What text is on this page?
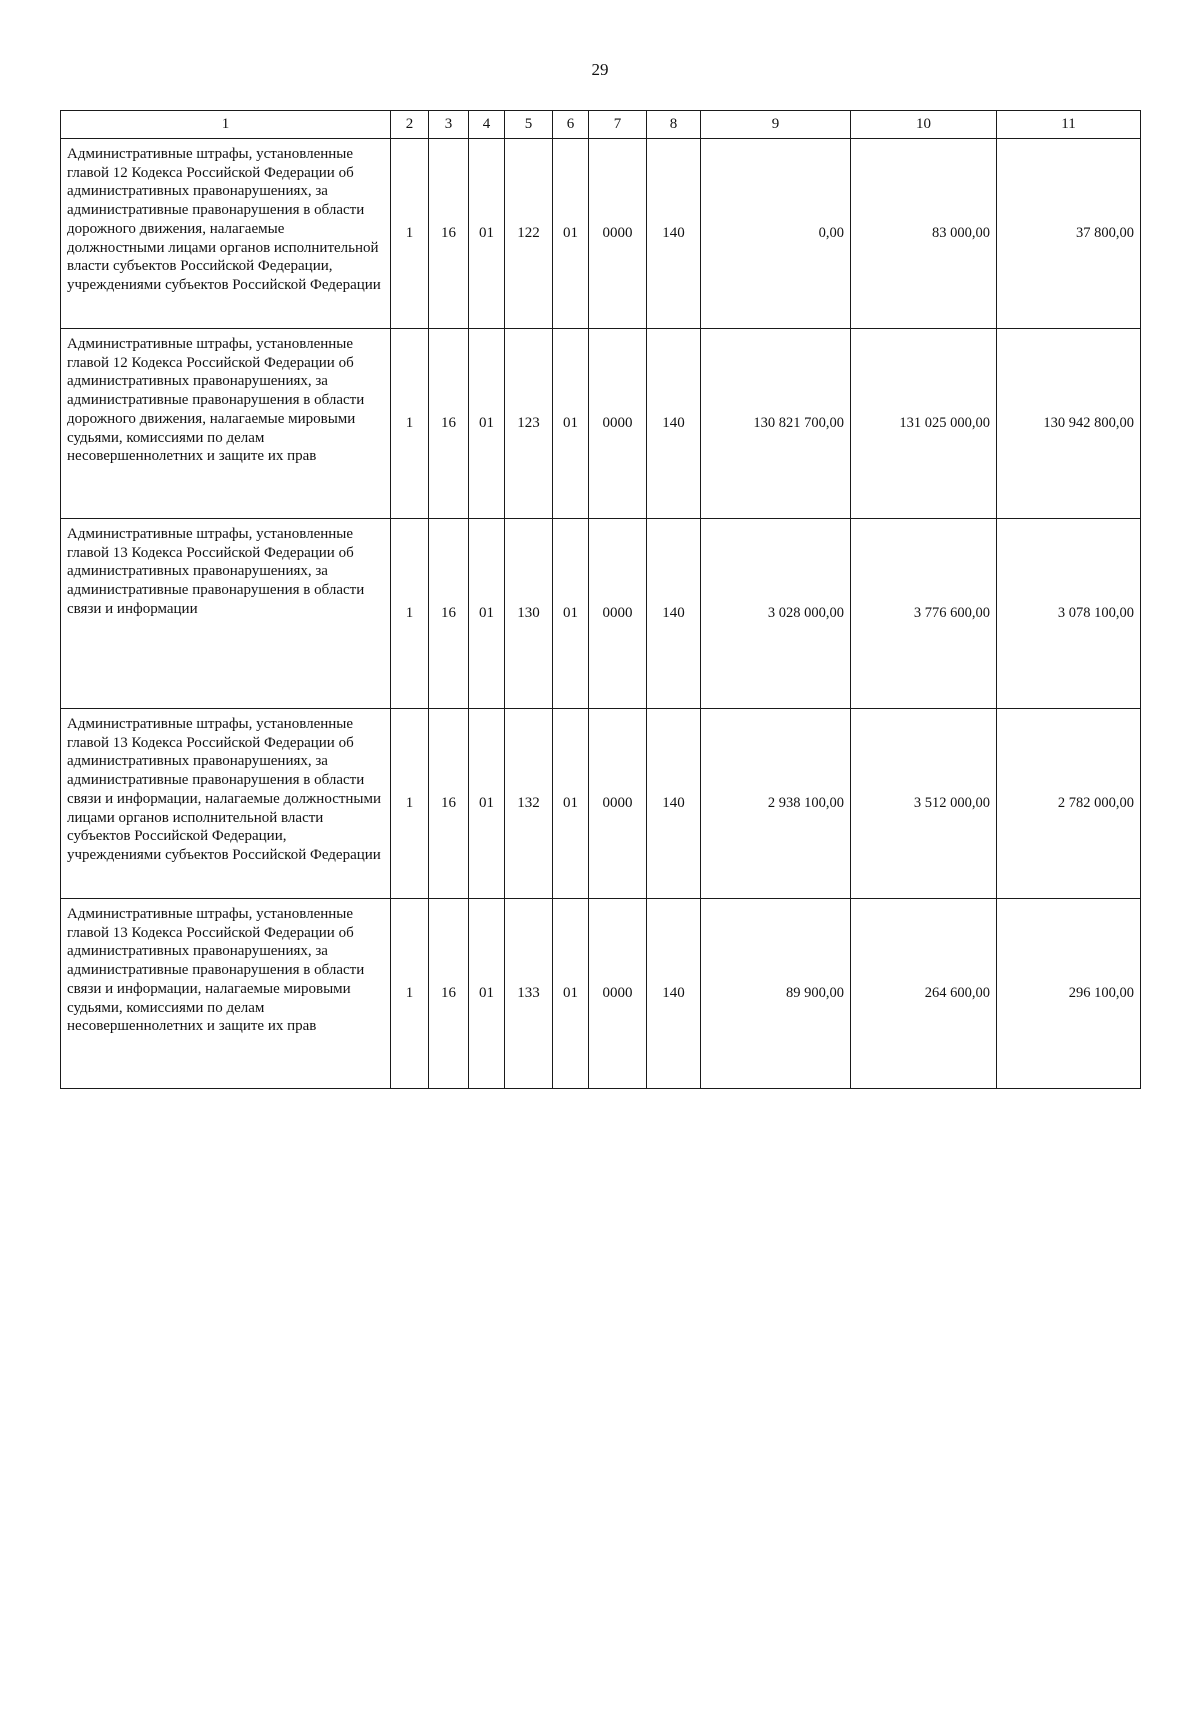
29
1	2	3	4	5	6	7	8	9	10	11
Административные штрафы, установленные главой 12 Кодекса Российской Федерации об административных правонарушениях, за административные правонарушения в области дорожного движения, налагаемые должностными лицами органов исполнительной власти субъектов Российской Федерации, учреждениями субъектов Российской Федерации	1	16	01	122	01	0000	140	0,00	83 000,00	37 800,00
Административные штрафы, установленные главой 12 Кодекса Российской Федерации об административных правонарушениях, за административные правонарушения в области дорожного движения, налагаемые мировыми судьями, комиссиями по делам несовершеннолетних и защите их прав	1	16	01	123	01	0000	140	130 821 700,00	131 025 000,00	130 942 800,00
Административные штрафы, установленные главой 13 Кодекса Российской Федерации об административных правонарушениях, за административные правонарушения в области связи и информации	1	16	01	130	01	0000	140	3 028 000,00	3 776 600,00	3 078 100,00
Административные штрафы, установленные главой 13 Кодекса Российской Федерации об административных правонарушениях, за административные правонарушения в области связи и информации, налагаемые должностными лицами органов исполнительной власти субъектов Российской Федерации, учреждениями субъектов Российской Федерации	1	16	01	132	01	0000	140	2 938 100,00	3 512 000,00	2 782 000,00
Административные штрафы, установленные главой 13 Кодекса Российской Федерации об административных правонарушениях, за административные правонарушения в области связи и информации, налагаемые мировыми судьями, комиссиями по делам несовершеннолетних и защите их прав	1	16	01	133	01	0000	140	89 900,00	264 600,00	296 100,00
